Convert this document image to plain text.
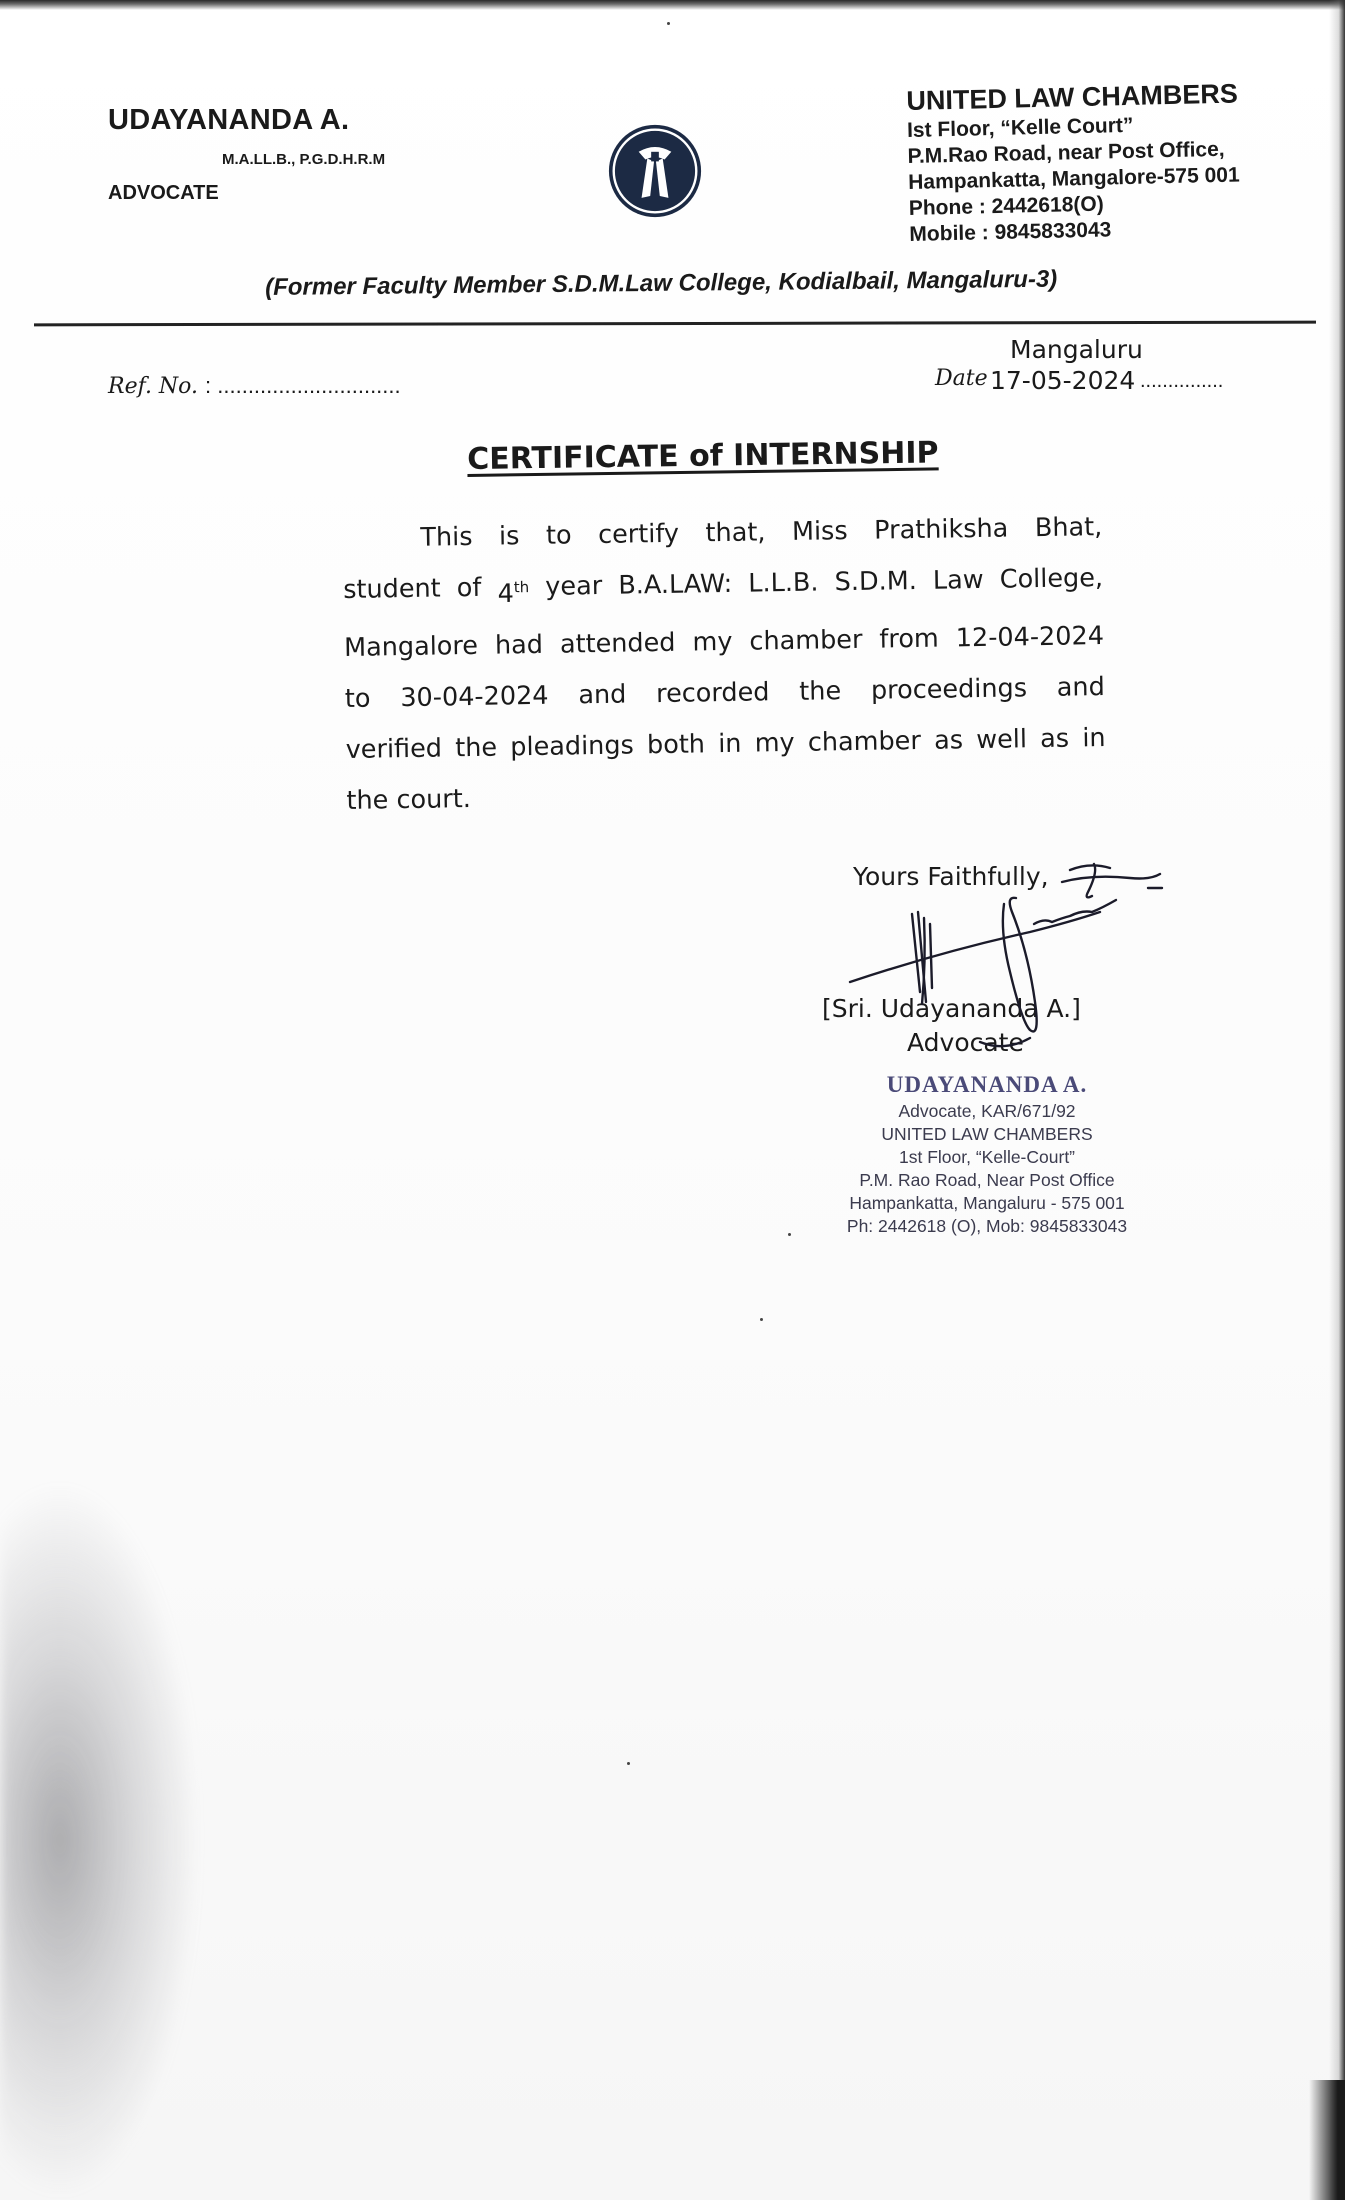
UDAYANANDA A.
M.A.LL.B., P.G.D.H.R.M
ADVOCATE
UNITED LAW CHAMBERS
Ist Floor, “Kelle Court”
P.M.Rao Road, near Post Office,
Hampankatta, Mangalore-575 001
Phone : 2442618(O)
Mobile : 9845833043
(Former Faculty Member S.D.M.Law College, Kodialbail, Mangaluru-3)
Ref. No. : ..............................
Mangaluru
Date 17-05-2024 ...............
CERTIFICATE of INTERNSHIP
This is to certify that, Miss Prathiksha Bhat,
student of 4th year B.A.LAW: L.L.B. S.D.M. Law College,
Mangalore had attended my chamber from 12-04-2024
to 30-04-2024 and recorded the proceedings and
verified the pleadings both in my chamber as well as in
the court.
Yours Faithfully,
[Sri. Udayananda A.]
Advocate
UDAYANANDA A.
Advocate, KAR/671/92
UNITED LAW CHAMBERS
1st Floor, “Kelle-Court”
P.M. Rao Road, Near Post Office
Hampankatta, Mangaluru - 575 001
Ph: 2442618 (O), Mob: 9845833043
